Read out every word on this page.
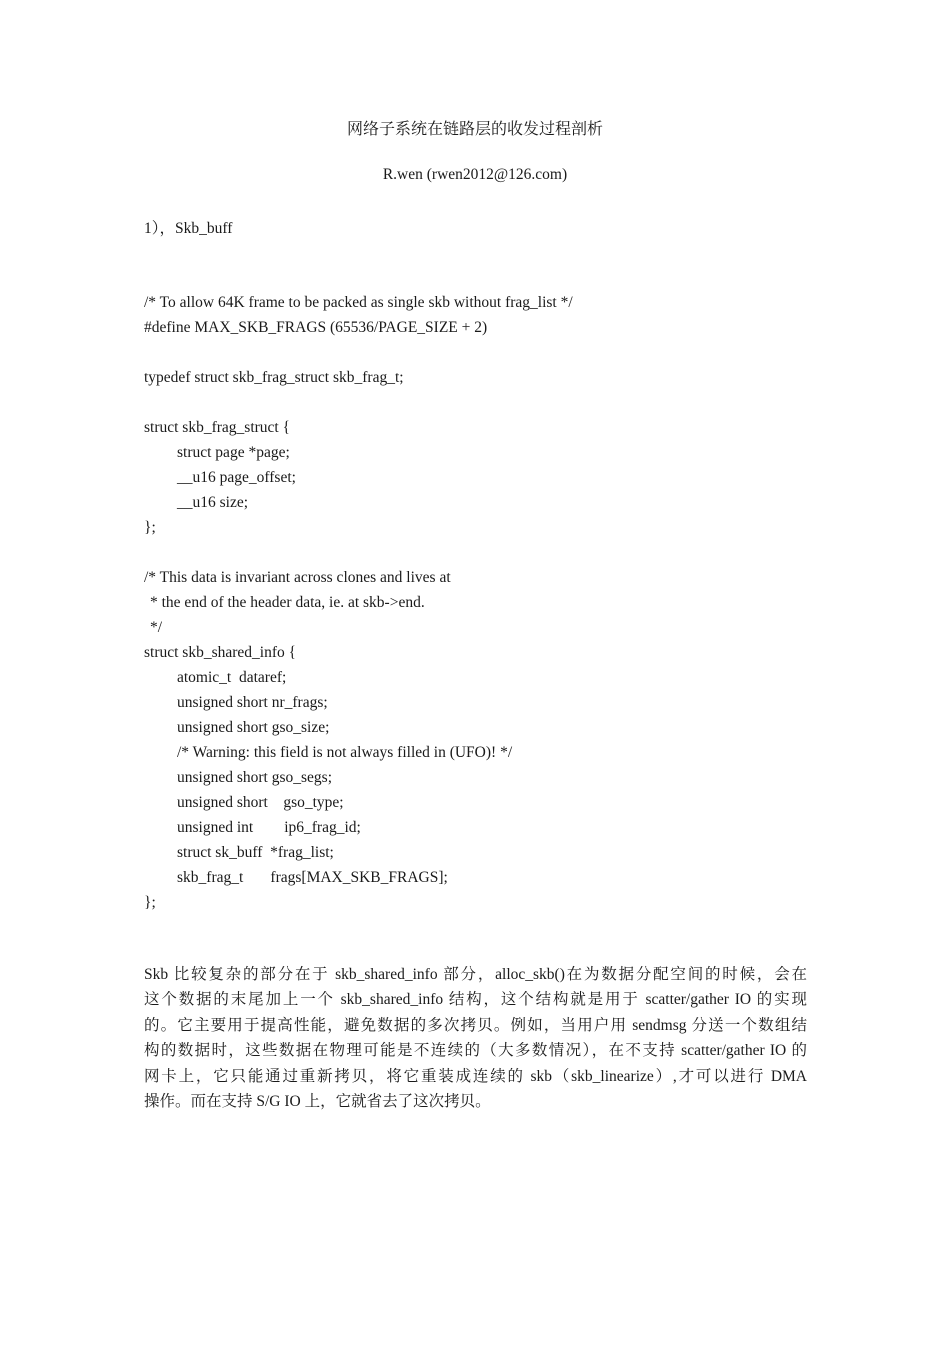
网络子系统在链路层的收发过程剖析
R.wen (rwen2012@126.com)
1），Skb_buff
/* To allow 64K frame to be packed as single skb without frag_list */
#define MAX_SKB_FRAGS (65536/PAGE_SIZE + 2)
typedef struct skb_frag_struct skb_frag_t;
struct skb_frag_struct {
struct page *page;
__u16 page_offset;
__u16 size;
};
/* This data is invariant across clones and lives at
* the end of the header data, ie. at skb->end.
*/
struct skb_shared_info {
atomic_t  dataref;
unsigned short nr_frags;
unsigned short gso_size;
/* Warning: this field is not always filled in (UFO)! */
unsigned short gso_segs;
unsigned short    gso_type;
unsigned int        ip6_frag_id;
struct sk_buff  *frag_list;
skb_frag_t       frags[MAX_SKB_FRAGS];
};
Skb 比较复杂的部分在于 skb_shared_info 部分，alloc_skb()在为数据分配空间的时候，会在
这个数据的末尾加上一个 skb_shared_info 结构，这个结构就是用于 scatter/gather IO 的实现
的。它主要用于提高性能，避免数据的多次拷贝。例如，当用户用 sendmsg 分送一个数组结
构的数据时，这些数据在物理可能是不连续的（大多数情况），在不支持 scatter/gather IO 的
网卡上，它只能通过重新拷贝，将它重装成连续的 skb（skb_linearize）,才可以进行 DMA
操作。而在支持 S/G IO 上，它就省去了这次拷贝。
